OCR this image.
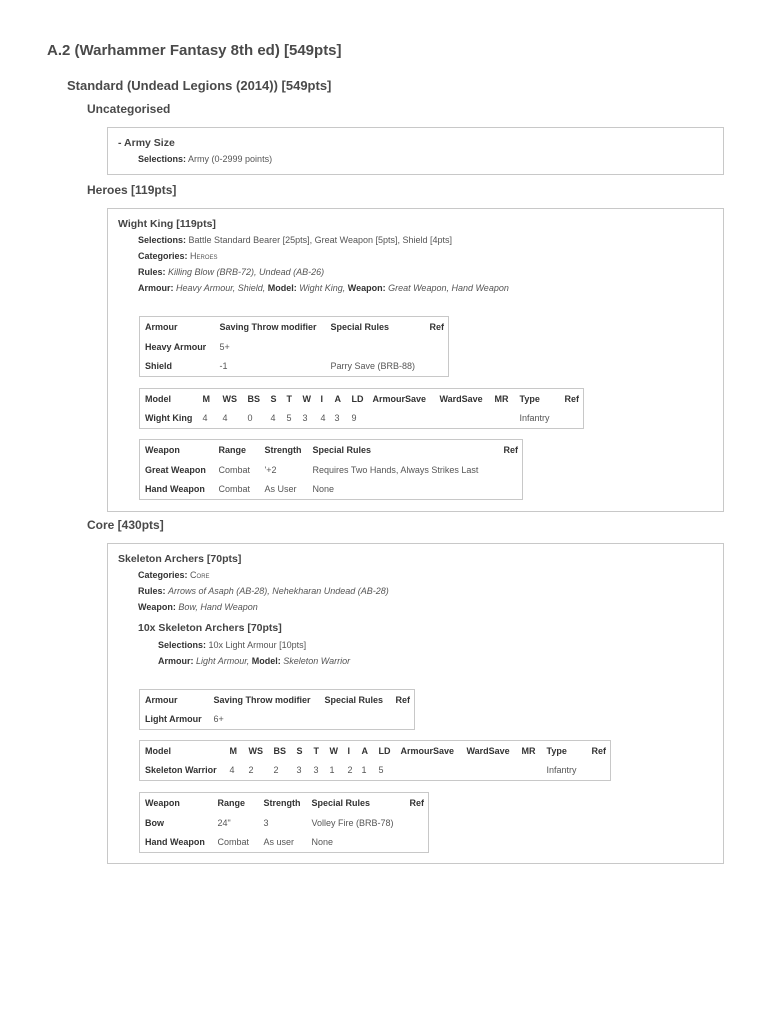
A.2 (Warhammer Fantasy 8th ed) [549pts]
Standard (Undead Legions (2014)) [549pts]
Uncategorised
- Army Size
Selections: Army (0-2999 points)
Heroes [119pts]
Wight King [119pts]
Selections: Battle Standard Bearer [25pts], Great Weapon [5pts], Shield [4pts]
Categories: Heroes
Rules: Killing Blow (BRB-72), Undead (AB-26)
Armour: Heavy Armour, Shield, Model: Wight King, Weapon: Great Weapon, Hand Weapon
Armour	Saving Throw modifier	Special Rules	Ref
Heavy Armour	5+		
Shield	-1	Parry Save (BRB-88)	
Model	M	WS	BS	S	T	W	I	A	LD	ArmourSave	WardSave	MR	Type	Ref
Wight King	4	4	0	4	5	3	4	3	9				Infantry	
Weapon	Range	Strength	Special Rules	Ref
Great Weapon	Combat	'+2	Requires Two Hands, Always Strikes Last	
Hand Weapon	Combat	As User	None	
Core [430pts]
Skeleton Archers [70pts]
Categories: Core
Rules: Arrows of Asaph (AB-28), Nehekharan Undead (AB-28)
Weapon: Bow, Hand Weapon
10x Skeleton Archers [70pts]
Selections: 10x Light Armour [10pts]
Armour: Light Armour, Model: Skeleton Warrior
Armour	Saving Throw modifier	Special Rules	Ref
Light Armour	6+		
Model	M	WS	BS	S	T	W	I	A	LD	ArmourSave	WardSave	MR	Type	Ref
Skeleton Warrior	4	2	2	3	3	1	2	1	5				Infantry	
Weapon	Range	Strength	Special Rules	Ref
Bow	24"	3	Volley Fire (BRB-78)	
Hand Weapon	Combat	As user	None	
